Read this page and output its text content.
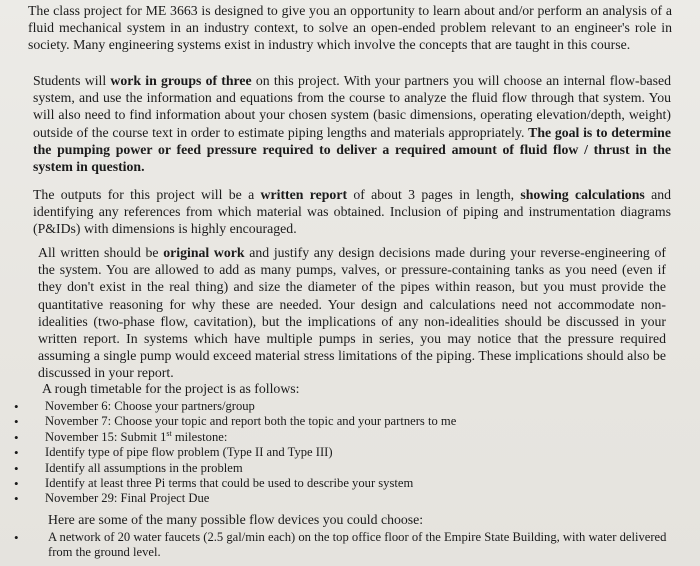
The class project for ME 3663 is designed to give you an opportunity to learn about and/or perform an analysis of a fluid mechanical system in an industry context, to solve an open-ended problem relevant to an engineer's role in society. Many engineering systems exist in industry which involve the concepts that are taught in this course.

Students will work in groups of three on this project. With your partners you will choose an internal flow-based system, and use the information and equations from the course to analyze the fluid flow through that system. You will also need to find information about your chosen system (basic dimensions, operating elevation/depth, weight) outside of the course text in order to estimate piping lengths and materials appropriately. The goal is to determine the pumping power or feed pressure required to deliver a required amount of fluid flow / thrust in the system in question.

The outputs for this project will be a written report of about 3 pages in length, showing calculations and identifying any references from which material was obtained. Inclusion of piping and instrumentation diagrams (P&IDs) with dimensions is highly encouraged.

All written should be original work and justify any design decisions made during your reverse-engineering of the system. You are allowed to add as many pumps, valves, or pressure-containing tanks as you need (even if they don't exist in the real thing) and size the diameter of the pipes within reason, but you must provide the quantitative reasoning for why these are needed. Your design and calculations need not accommodate non-idealities (two-phase flow, cavitation), but the implications of any non-idealities should be discussed in your written report. In systems which have multiple pumps in series, you may notice that the pressure required assuming a single pump would exceed material stress limitations of the piping. These implications should also be discussed in your report.

A rough timetable for the project is as follows:

• November 6: Choose your partners/group
• November 7: Choose your topic and report both the topic and your partners to me
• November 15: Submit 1st milestone:
• Identify type of pipe flow problem (Type II and Type III)
• Identify all assumptions in the problem
• Identify at least three Pi terms that could be used to describe your system
• November 29: Final Project Due

Here are some of the many possible flow devices you could choose:

• A network of 20 water faucets (2.5 gal/min each) on the top office floor of the Empire State Building, with water delivered from the ground level.
